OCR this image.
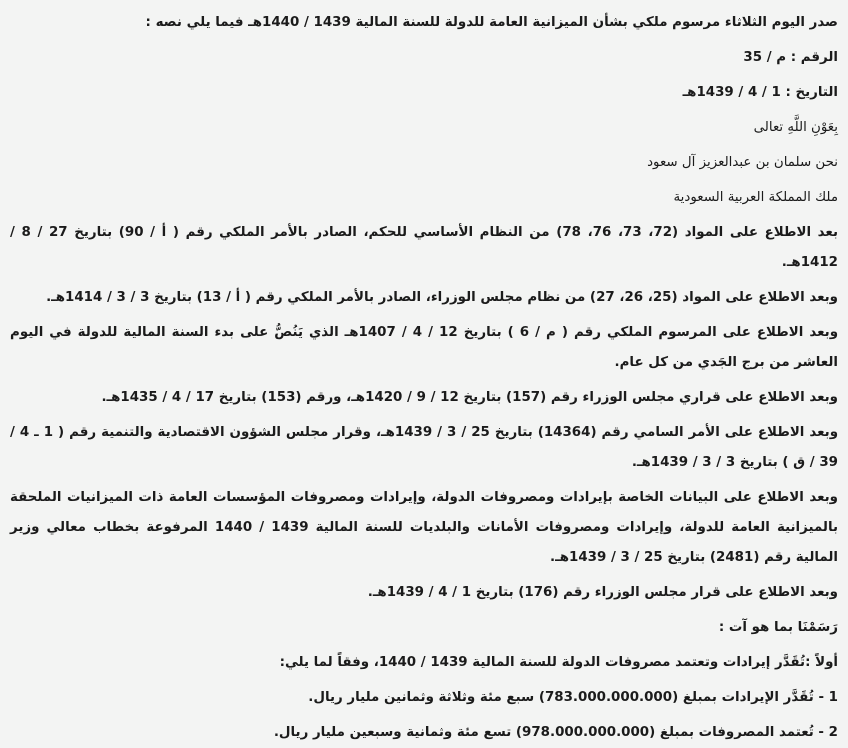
صدر اليوم الثلاثاء مرسوم ملكي بشأن الميزانية العامة للدولة للسنة المالية 1439 / 1440هـ فيما يلي نصه :

الرقم : م / 35

التاريخ : 1 / 4 / 1439هـ

بِعَوْنِ اللَّهِ تعالى

نحن سلمان بن عبدالعزيز آل سعود

ملك المملكة العربية السعودية

بعد الاطلاع على المواد (72، 73، 76، 78) من النظام الأساسي للحكم، الصادر بالأمر الملكي رقم ( أ / 90) بتاريخ 27 / 8 / 1412هـ.

وبعد الاطلاع على المواد (25، 26، 27) من نظام مجلس الوزراء، الصادر بالأمر الملكي رقم ( أ / 13) بتاريخ 3 / 3 / 1414هـ.

وبعد الاطلاع على المرسوم الملكي رقم ( م / 6 ) بتاريخ 12 / 4 / 1407هـ الذي يَنُصُّ على بدء السنة المالية للدولة في اليوم العاشر من برج الجَدي من كل عام.

وبعد الاطلاع على قراري مجلس الوزراء رقم (157) بتاريخ 12 / 9 / 1420هـ، ورقم (153) بتاريخ 17 / 4 / 1435هـ.

وبعد الاطلاع على الأمر السامي رقم (14364) بتاريخ 25 / 3 / 1439هـ، وقرار مجلس الشؤون الاقتصادية والتنمية رقم ( 1 ـ 4 / 39 / ق ) بتاريخ 3 / 3 / 1439هـ.

وبعد الاطلاع على البيانات الخاصة بإيرادات ومصروفات الدولة، وإيرادات ومصروفات المؤسسات العامة ذات الميزانيات الملحقة بالميزانية العامة للدولة، وإيرادات ومصروفات الأمانات والبلديات للسنة المالية 1439 / 1440 المرفوعة بخطاب معالي وزير المالية رقم (2481) بتاريخ 25 / 3 / 1439هـ.

وبعد الاطلاع على قرار مجلس الوزراء رقم (176) بتاريخ 1 / 4 / 1439هـ.

رَسَمْنَا بما هو آت :

أولاً :تُقَدَّر إيرادات وتعتمد مصروفات الدولة للسنة المالية 1439 / 1440، وفقاً لما يلي:

1 - تُقَدَّر الإيرادات بمبلغ (783.000.000.000) سبع مئة وثلاثة وثمانين مليار ريال.

2 - تُعتمد المصروفات بمبلغ (978.000.000.000) تسع مئة وثمانية وسبعين مليار ريال.
